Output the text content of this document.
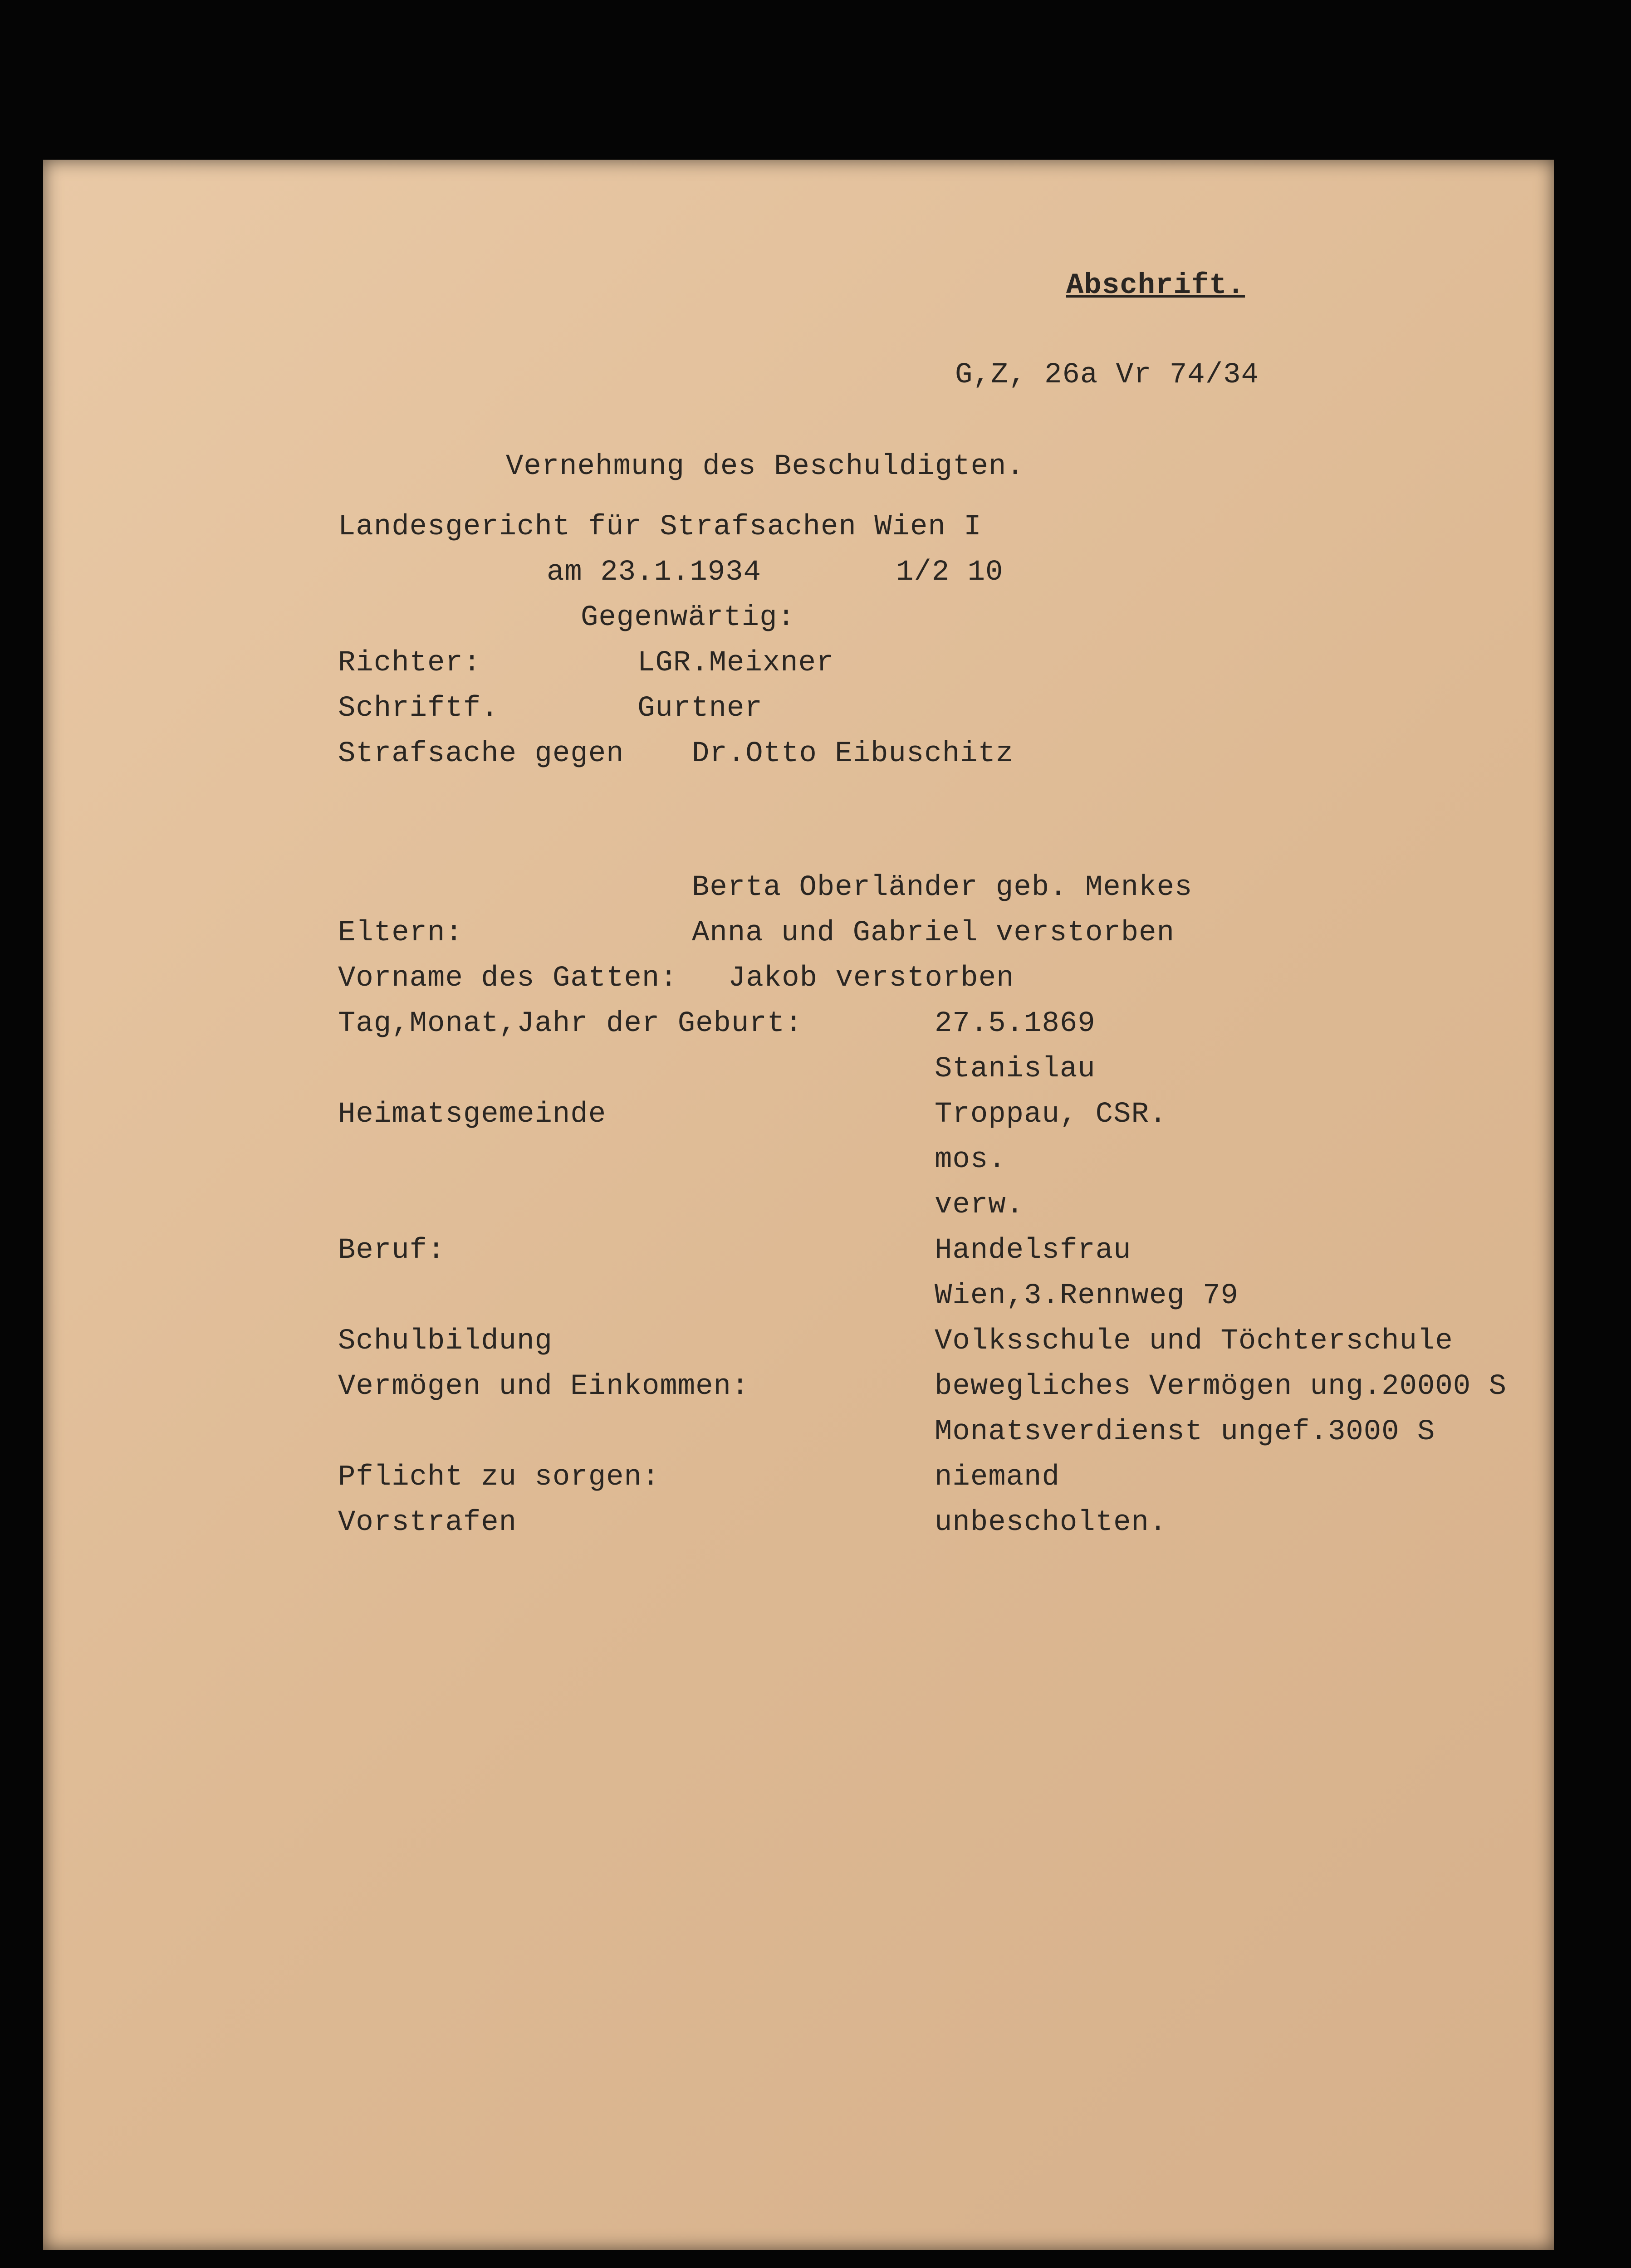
Abschrift.
G,Z, 26a Vr 74/34
Vernehmung des Beschuldigten.
Landesgericht für Strafsachen Wien I
am 23.1.1934	1/2 10
Gegenwärtig:
Richter:	LGR.Meixner
Schriftf.	Gurtner
Strafsache gegen Dr.Otto Eibuschitz
Berta Oberländer geb. Menkes
Eltern:	Anna und Gabriel verstorben
Vorname des Gatten: Jakob verstorben
Tag,Monat,Jahr der Geburt:	27.5.1869
Stanislau
Heimatsgemeinde	Troppau, CSR.
mos.
verw.
Beruf:	Handelsfrau
Wien,3.Rennweg 79
Schulbildung	Volksschule und Töchterschule
Vermögen und Einkommen:	bewegliches Vermögen ung.20000 S
Monatsverdienst ungef.3000 S
Pflicht zu sorgen:	niemand
Vorstrafen	unbescholten.
